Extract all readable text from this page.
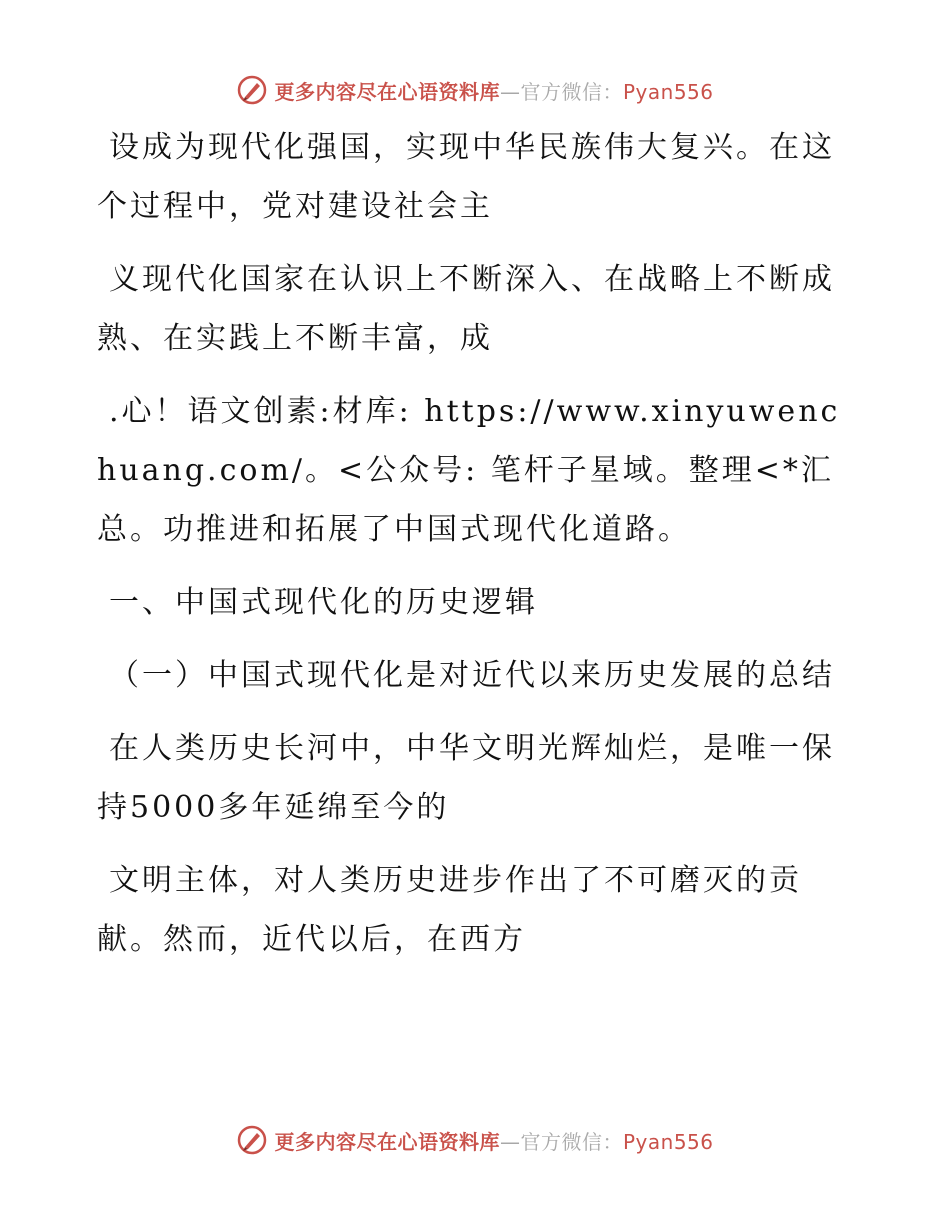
更多内容尽在心语资料库—官方微信：Pyan556

设成为现代化强国，实现中华民族伟大复兴。在这个过程中，党对建设社会主

义现代化国家在认识上不断深入、在战略上不断成熟、在实践上不断丰富，成

.心！语文创素:材库: https://www.xinyuwenchuang.com/。<公众号: 笔杆子星域。整理<*汇总。功推进和拓展了中国式现代化道路。

一、中国式现代化的历史逻辑

（一）中国式现代化是对近代以来历史发展的总结

在人类历史长河中，中华文明光辉灿烂，是唯一保持5000多年延绵至今的

文明主体，对人类历史进步作出了不可磨灭的贡献。然而，近代以后，在西方

更多内容尽在心语资料库—官方微信：Pyan556
